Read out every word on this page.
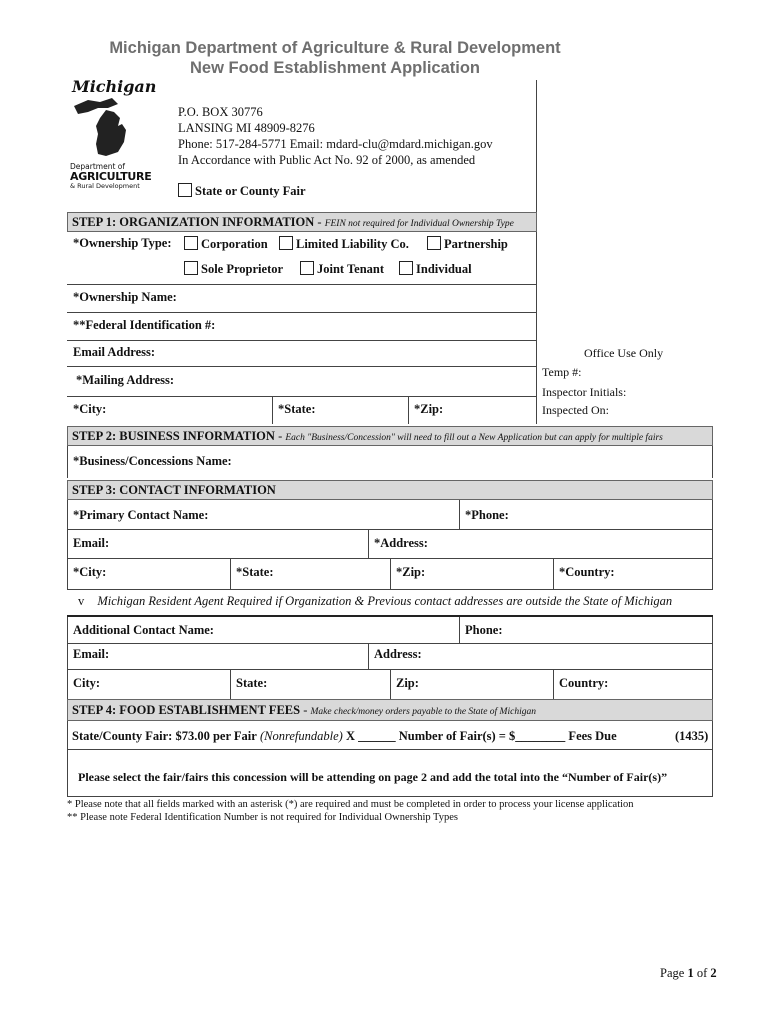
Michigan Department of Agriculture & Rural Development
New Food Establishment Application
Michigan
Department of
AGRICULTURE
& Rural Development
P.O. BOX 30776
LANSING MI 48909-8276
Phone: 517-284-5771 Email: mdard-clu@mdard.michigan.gov
In Accordance with Public Act No. 92 of 2000, as amended
State or County Fair
STEP 1: ORGANIZATION INFORMATION - FEIN not required for Individual Ownership Type
*Ownership Type:	Corporation	Limited Liability Co.	Partnership
Sole Proprietor	Joint Tenant	Individual
*Ownership Name:
**Federal Identification #:
Email Address:
*Mailing Address:
*City:	*State:	*Zip:
Office Use Only
Temp #:
Inspector Initials:
Inspected On:
STEP 2: BUSINESS INFORMATION - Each "Business/Concession" will need to fill out a New Application but can apply for multiple fairs
*Business/Concessions Name:
STEP 3: CONTACT INFORMATION
*Primary Contact Name:	*Phone:
Email:	*Address:
*City:	*State:	*Zip:	*Country:
v Michigan Resident Agent Required if Organization & Previous contact addresses are outside the State of Michigan
Additional Contact Name:	Phone:
Email:	Address:
City:	State:	Zip:	Country:
STEP 4: FOOD ESTABLISHMENT FEES - Make check/money orders payable to the State of Michigan
State/County Fair: $73.00 per Fair (Nonrefundable) X ______ Number of Fair(s) = $________ Fees Due	(1435)
Please select the fair/fairs this concession will be attending on page 2 and add the total into the “Number of Fair(s)”
* Please note that all fields marked with an asterisk (*) are required and must be completed in order to process your license application
** Please note Federal Identification Number is not required for Individual Ownership Types
Page 1 of 2
